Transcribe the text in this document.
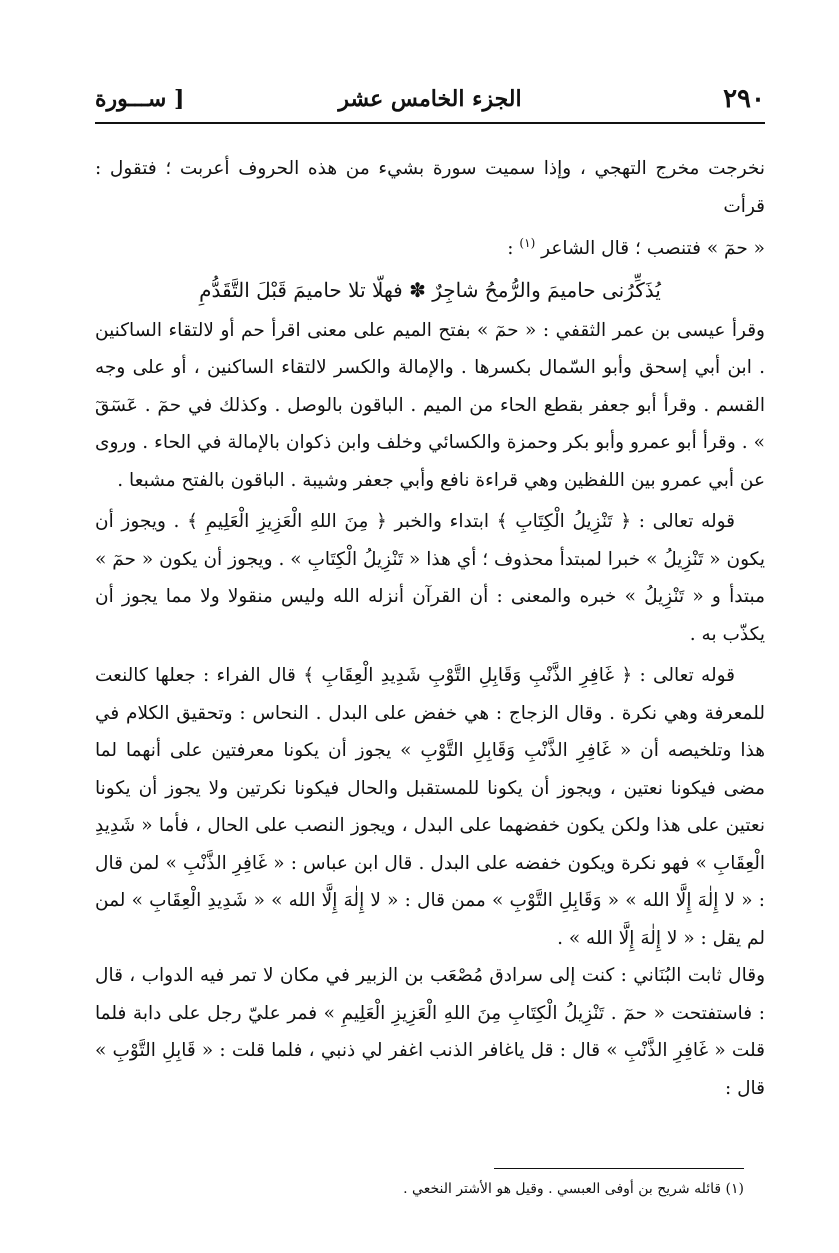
٢٩٠
الجزء الخامس عشر
[ ســـورة

نخرجت مخرج التهجي ، وإذا سميت سورة بشيء من هذه الحروف أعربت ؛ فتقول : قرأت

« حمٓ » فتنصب ؛ قال الشاعر $^{(١)}$ :

يُذَكِّرُنى حاميمَ والرُّمحُ شاجِرٌ ✽ فهلّا تلا حاميمَ قَبْلَ التَّقَدُّمِ

وقرأ عيسى بن عمر الثقفي : « حمٓ » بفتح الميم على معنى اقرأ حم أو لالتقاء الساكنين . ابن أبي إسحق وأبو السّمال بكسرها . والإمالة والكسر لالتقاء الساكنين ، أو على وجه القسم . وقرأ أبو جعفر بقطع الحاء من الميم . الباقون بالوصل . وكذلك في حمٓ . عٓسٓقٓ » . وقرأ أبو عمرو وأبو بكر وحمزة والكسائي وخلف وابن ذكوان بالإمالة في الحاء . وروى عن أبي عمرو بين اللفظين وهي قراءة نافع وأبي جعفر وشيبة . الباقون بالفتح مشبعا .

قوله تعالى : ﴿ تَنْزِيلُ الْكِتَابِ ﴾ ابتداء والخبر ﴿ مِنَ اللهِ الْعَزِيزِ الْعَلِيمِ ﴾ . ويجوز أن يكون « تَنْزِيلُ » خبرا لمبتدأ محذوف ؛ أي هذا « تَنْزِيلُ الْكِتَابِ » . ويجوز أن يكون « حمٓ » مبتدأ و « تَنْزِيلُ » خبره والمعنى : أن القرآن أنزله الله وليس منقولا ولا مما يجوز أن يكذّب به .

قوله تعالى : ﴿ غَافِرِ الذَّنْبِ وَقَابِلِ التَّوْبِ شَدِيدِ الْعِقَابِ ﴾ قال الفراء : جعلها كالنعت للمعرفة وهي نكرة . وقال الزجاج : هي خفض على البدل . النحاس : وتحقيق الكلام في هذا وتلخيصه أن « غَافِرِ الذَّنْبِ وَقَابِلِ التَّوْبِ » يجوز أن يكونا معرفتين على أنهما لما مضى فيكونا نعتين ، ويجوز أن يكونا للمستقبل والحال فيكونا نكرتين ولا يجوز أن يكونا نعتين على هذا ولكن يكون خفضهما على البدل ، ويجوز النصب على الحال ، فأما « شَدِيدِ الْعِقَابِ » فهو نكرة ويكون خفضه على البدل . قال ابن عباس : « غَافِرِ الذَّنْبِ » لمن قال : « لا إِلٰهَ إِلَّا الله » « وَقَابِلِ التَّوْبِ » ممن قال : « لا إِلٰهَ إِلَّا الله » « شَدِيدِ الْعِقَابِ » لمن لم يقل : « لا إِلٰهَ إِلَّا الله » .

وقال ثابت البُنَاني : كنت إلى سرادق مُصْعَب بن الزبير في مكان لا تمر فيه الدواب ، قال : فاستفتحت « حمٓ . تَنْزِيلُ الْكِتَابِ مِنَ اللهِ الْعَزِيزِ الْعَلِيمِ » فمر عليّ رجل على دابة فلما قلت « غَافِرِ الذَّنْبِ » قال : قل ياغافر الذنب اغفر لي ذنبي ، فلما قلت : « قَابِلِ التَّوْبِ » قال :

(١) قائله شريح بن أوفى العبسي . وقيل هو الأشتر النخعي .
